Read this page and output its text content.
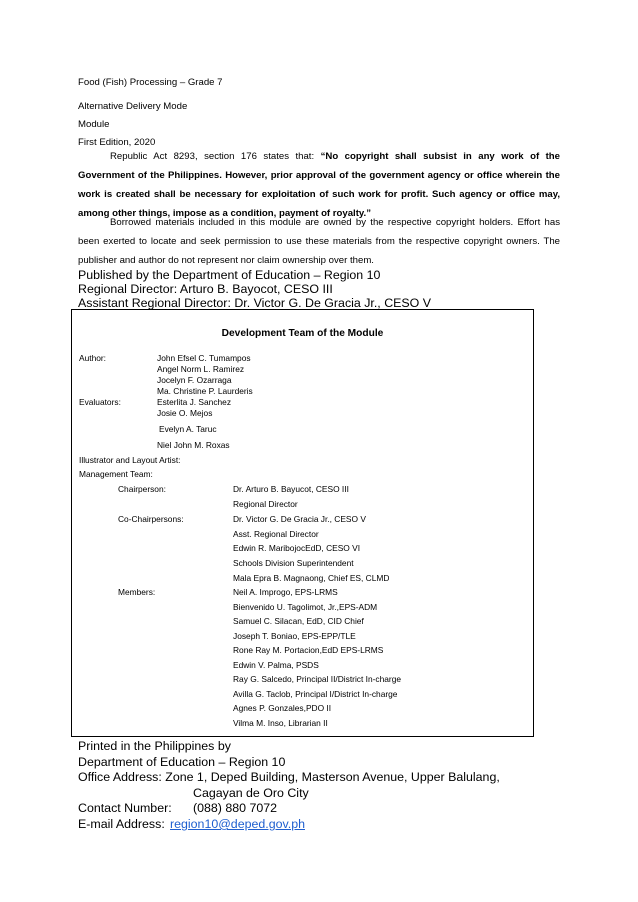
Food (Fish) Processing – Grade 7
Alternative Delivery Mode
Module
First Edition, 2020
Republic Act 8293, section 176 states that: “No copyright shall subsist in any work of the Government of the Philippines. However, prior approval of the government agency or office wherein the work is created shall be necessary for exploitation of such work for profit. Such agency or office may, among other things, impose as a condition, payment of royalty.”
Borrowed materials included in this module are owned by the respective copyright holders. Effort has been exerted to locate and seek permission to use these materials from the respective copyright owners. The publisher and author do not represent nor claim ownership over them.
Published by the Department of Education – Region 10
Regional Director: Arturo B. Bayocot, CESO III
Assistant Regional Director: Dr. Victor G. De Gracia Jr., CESO V
Development Team of the Module
Author:	John Efsel C. Tumampos
Angel Norm L. Ramirez
Jocelyn F. Ozarraga
Ma. Christine P. Laurderis
Evaluators:	Esterlita J. Sanchez
Josie O. Mejos
Evelyn A. Taruc
Niel John M. Roxas
Illustrator and Layout Artist:
Management Team:
Chairperson:
Co-Chairpersons:
Members:
Dr. Arturo B. Bayucot, CESO III
Regional Director
Dr. Victor G. De Gracia Jr., CESO V
Asst. Regional Director
Edwin R. MaribojocEdD, CESO VI
Schools Division Superintendent
Mala Epra B. Magnaong, Chief ES, CLMD
Neil A. Improgo, EPS-LRMS
Bienvenido U. Tagolimot, Jr.,EPS-ADM
Samuel C. Silacan, EdD, CID Chief
Joseph T. Boniao, EPS-EPP/TLE
Rone Ray M. Portacion,EdD EPS-LRMS
Edwin V. Palma, PSDS
Ray G. Salcedo, Principal II/District In-charge
Avilla G. Taclob, Principal I/District In-charge
Agnes P. Gonzales,PDO II
Vilma M. Inso, Librarian II
Printed in the Philippines by
Department of Education – Region 10
Office Address: Zone 1, Deped Building, Masterson Avenue, Upper Balulang,
Cagayan de Oro City
Contact Number: (088) 880 7072
E-mail Address: region10@deped.gov.ph
